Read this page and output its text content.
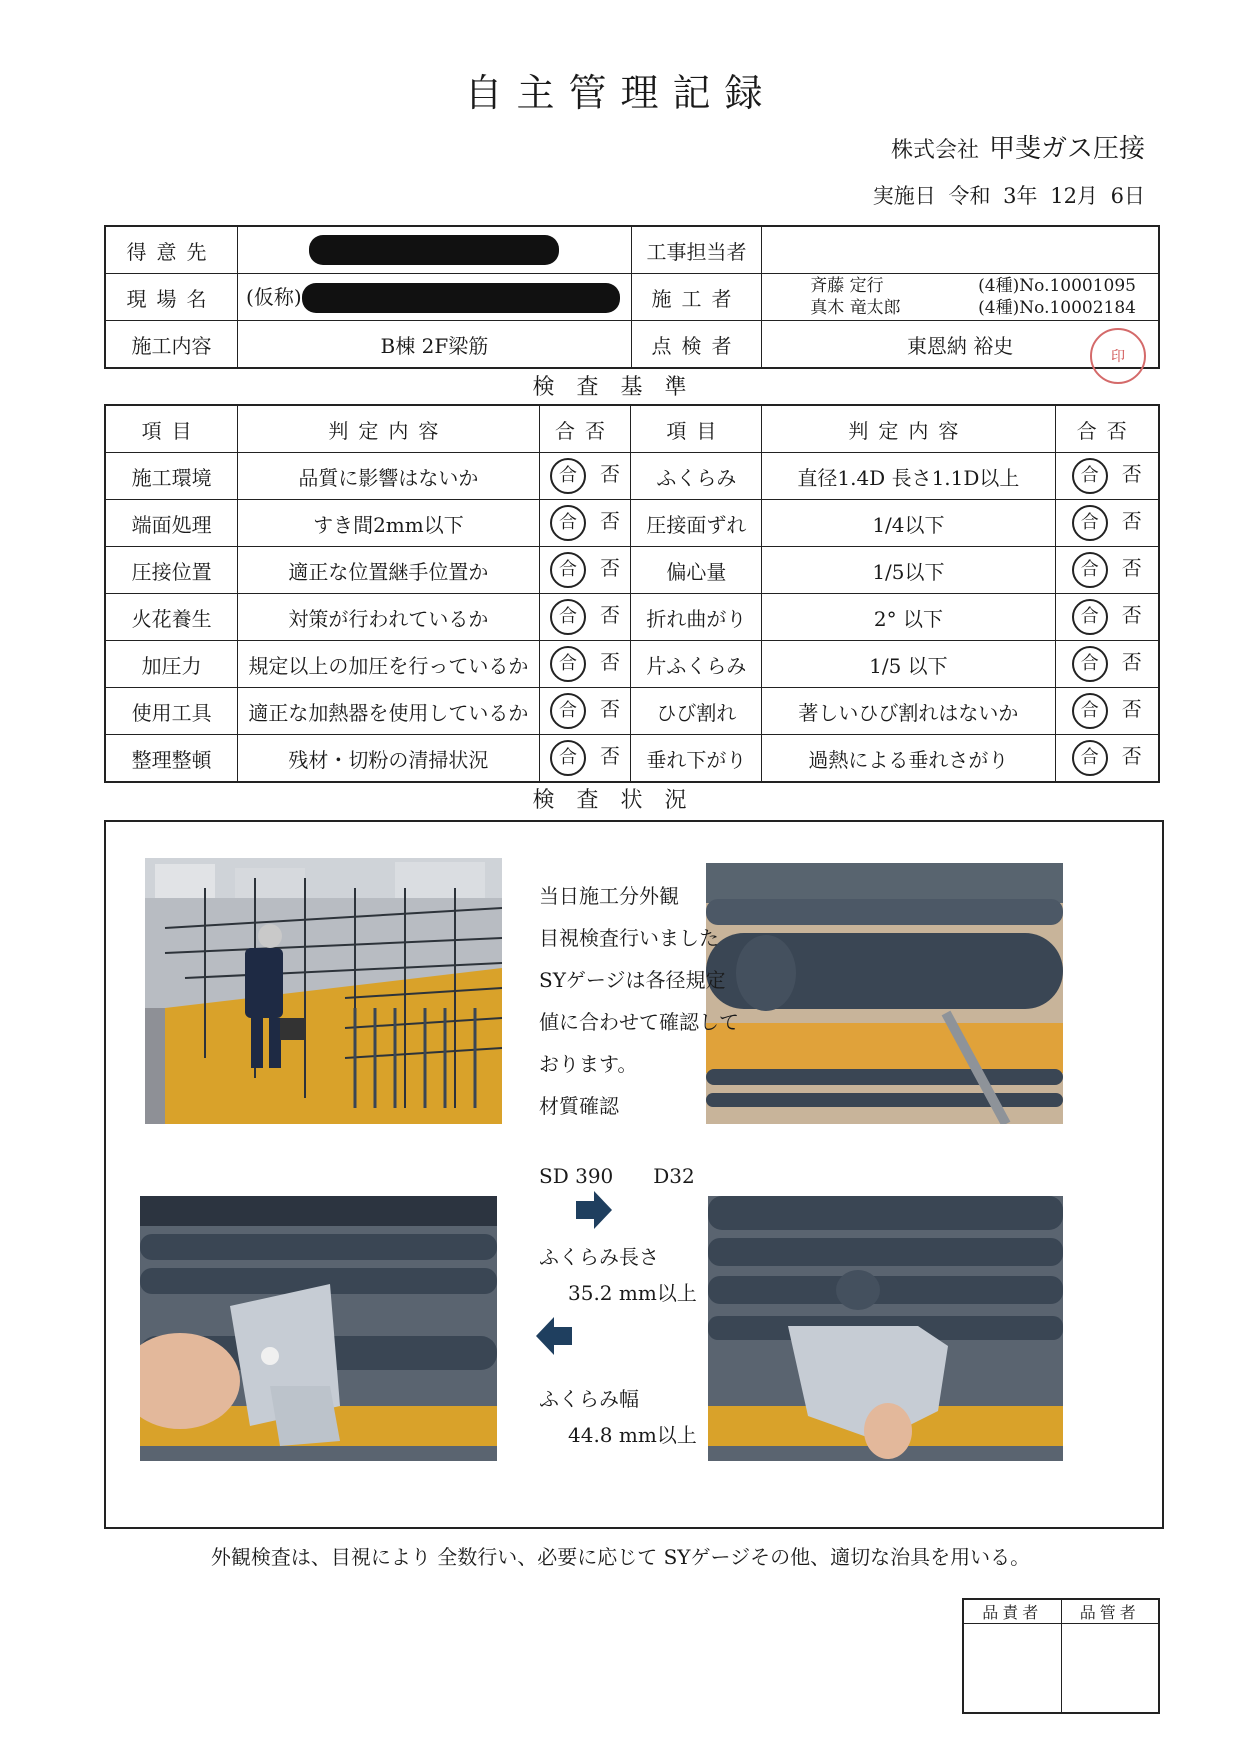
自主管理記録
株式会社 甲斐ガス圧接
実施日 令和 3年 12月 6日
得意先		工事担当者	
現場名	(仮称)	施工者	斉藤 定行 (4種)No.10001095
真木 竜太郎 (4種)No.10002184

施工内容	B棟 2F梁筋	点検者	東恩納 裕史	印
検査基準
項目	判定内容	合否	項目	判定内容	合否
施工環境	品質に影響はないか	合 否	ふくらみ	直径1.4D 長さ1.1D以上	合 否
端面処理	すき間2mm以下	合 否	圧接面ずれ	1/4以下	合 否
圧接位置	適正な位置継手位置か	合 否	偏心量	1/5以下	合 否
火花養生	対策が行われているか	合 否	折れ曲がり	2° 以下	合 否
加圧力	規定以上の加圧を行っているか	合 否	片ふくらみ	1/5 以下	合 否
使用工具	適正な加熱器を使用しているか	合 否	ひび割れ	著しいひび割れはないか	合 否
整理整頓	残材・切粉の清掃状況	合 否	垂れ下がり	過熱による垂れさがり	合 否
検査状況
当日施工分外観
目視検査行いました
SYゲージは各径規定
値に合わせて確認して
おります。
材質確認
SD 390　　D32
ふくらみ長さ
35.2 mm以上
ふくらみ幅
44.8 mm以上
外観検査は、目視により 全数行い、必要に応じて SYゲージその他、適切な治具を用いる。
品責者	品管者
